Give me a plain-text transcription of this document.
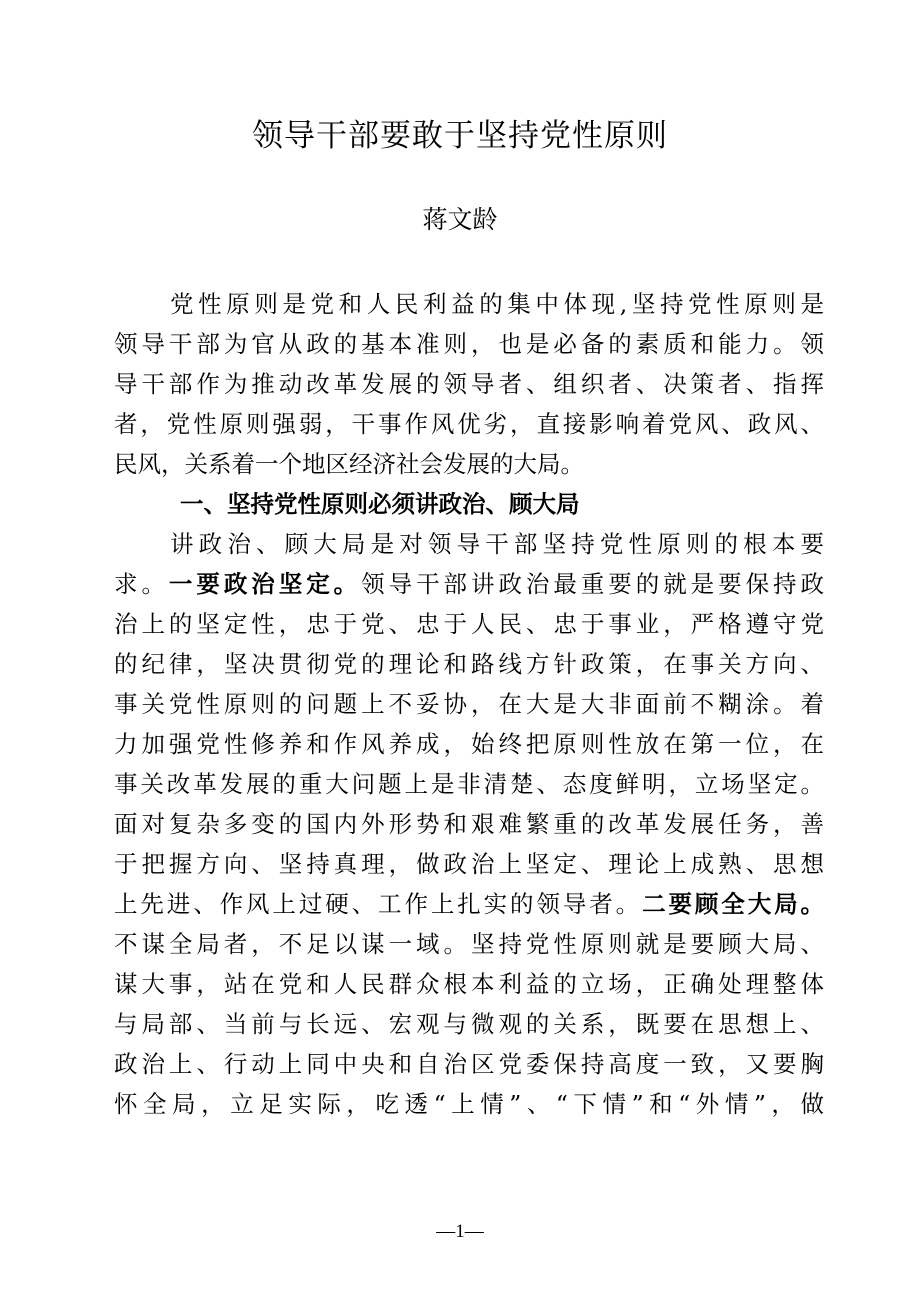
领导干部要敢于坚持党性原则
蒋文龄
党性原则是党和人民利益的集中体现,坚持党性原则是
领导干部为官从政的基本准则，也是必备的素质和能力。领
导干部作为推动改革发展的领导者、组织者、决策者、指挥
者，党性原则强弱，干事作风优劣，直接影响着党风、政风、
民风，关系着一个地区经济社会发展的大局。
一、坚持党性原则必须讲政治、顾大局
讲政治、顾大局是对领导干部坚持党性原则的根本要
求。一要政治坚定。领导干部讲政治最重要的就是要保持政
治上的坚定性，忠于党、忠于人民、忠于事业，严格遵守党
的纪律，坚决贯彻党的理论和路线方针政策，在事关方向、
事关党性原则的问题上不妥协，在大是大非面前不糊涂。着
力加强党性修养和作风养成，始终把原则性放在第一位，在
事关改革发展的重大问题上是非清楚、态度鲜明，立场坚定。
面对复杂多变的国内外形势和艰难繁重的改革发展任务，善
于把握方向、坚持真理，做政治上坚定、理论上成熟、思想
上先进、作风上过硬、工作上扎实的领导者。二要顾全大局。
不谋全局者，不足以谋一域。坚持党性原则就是要顾大局、
谋大事，站在党和人民群众根本利益的立场，正确处理整体
与局部、当前与长远、宏观与微观的关系，既要在思想上、
政治上、行动上同中央和自治区党委保持高度一致，又要胸
怀全局，立足实际，吃透“上情”、“下情”和“外情”，做
—1—
